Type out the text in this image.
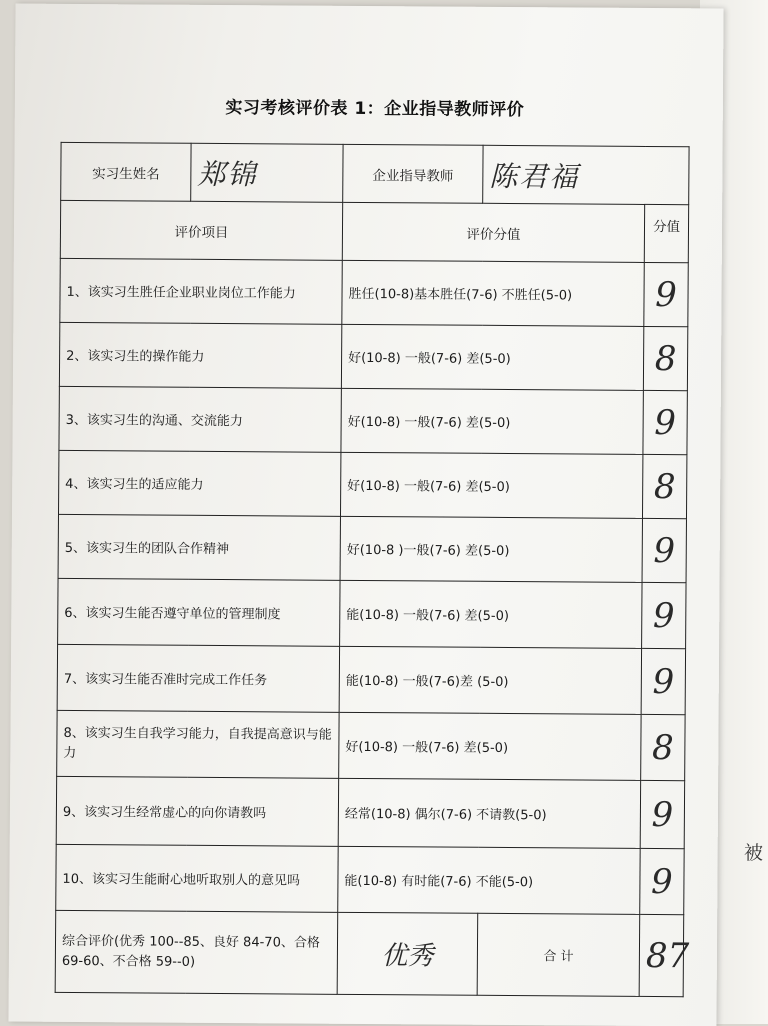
被
实习考核评价表 1：企业指导教师评价
实习生姓名	郑锦	企业指导教师	陈君福	
评价项目		评价分值		分值
1、该实习生胜任企业职业岗位工作能力		胜任(10-8)基本胜任(7-6) 不胜任(5-0)		9
2、该实习生的操作能力		好(10-8) 一般(7-6) 差(5-0)		8
3、该实习生的沟通、交流能力		好(10-8) 一般(7-6) 差(5-0)		9
4、该实习生的适应能力		好(10-8) 一般(7-6) 差(5-0)		8
5、该实习生的团队合作精神		好(10-8 )一般(7-6) 差(5-0)		9
6、该实习生能否遵守单位的管理制度		能(10-8) 一般(7-6) 差(5-0)		9
7、该实习生能否准时完成工作任务		能(10-8) 一般(7-6)差 (5-0)		9
8、该实习生自我学习能力，自我提高意识与能力		好(10-8) 一般(7-6) 差(5-0)		8
9、该实习生经常虚心的向你请教吗		经常(10-8) 偶尔(7-6) 不请教(5-0)		9
10、该实习生能耐心地听取别人的意见吗		能(10-8) 有时能(7-6) 不能(5-0)		9
综合评价(优秀 100--85、良好 84-70、合格 69-60、不合格 59--0)		优秀	合 计	87
